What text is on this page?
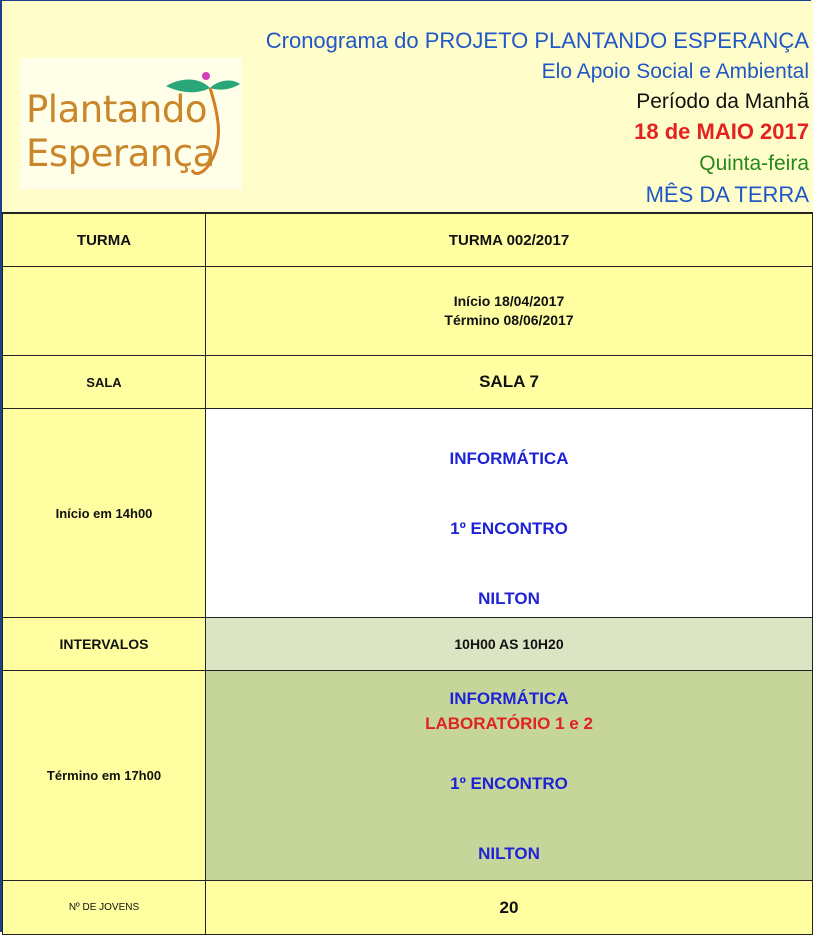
Plantando
Esperança
Cronograma do PROJETO PLANTANDO ESPERANÇA
Elo Apoio Social e Ambiental
Período da Manhã
18 de MAIO 2017
Quinta-feira
MÊS DA TERRA
TURMA	TURMA 002/2017

	Início 18/04/2017
Término 08/06/2017

SALA	SALA 7
Início em 14h00	INFORMÁTICA
1º ENCONTRO
NILTON

INTERVALOS	10H00 AS 10H20
Término em 17h00	INFORMÁTICA
LABORATÓRIO 1 e 2
1º ENCONTRO
NILTON

Nº DE JOVENS	20
